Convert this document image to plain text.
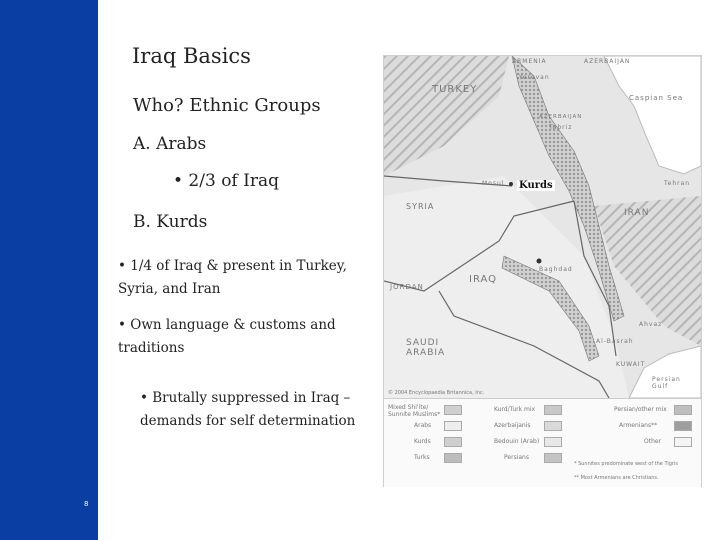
8
Iraq Basics
Who? Ethnic Groups
A. Arabs
• 2/3 of Iraq
B. Kurds
• 1/4 of Iraq & present in Turkey, Syria, and Iran
• Own language & customs and traditions
• Brutally suppressed in Iraq – demands for self determination
ARMENIA	AZERBAIJAN
Yerevan
TURKEY
Caspian Sea
AZERBAIJAN
Tabriz
Mosul	Tehran
SYRIA
IRAN
IRAQ
Baghdad
JORDAN
SAUDI ARABIA
Ahvaz
Al-Basrah
KUWAIT
Persian Gulf
© 2004 Encyclopaedia Britannica, Inc.
Kurds
Mixed Shi'ite/ Sunnite Muslims*
Arabs
Kurds
Turks
Kurd/Turk mix
Azerbaijanis
Bedouin (Arab)
Persians
Persian/other mix
Armenians**
Other
* Sunnites predominate west of the Tigris
** Most Armenians are Christians.
